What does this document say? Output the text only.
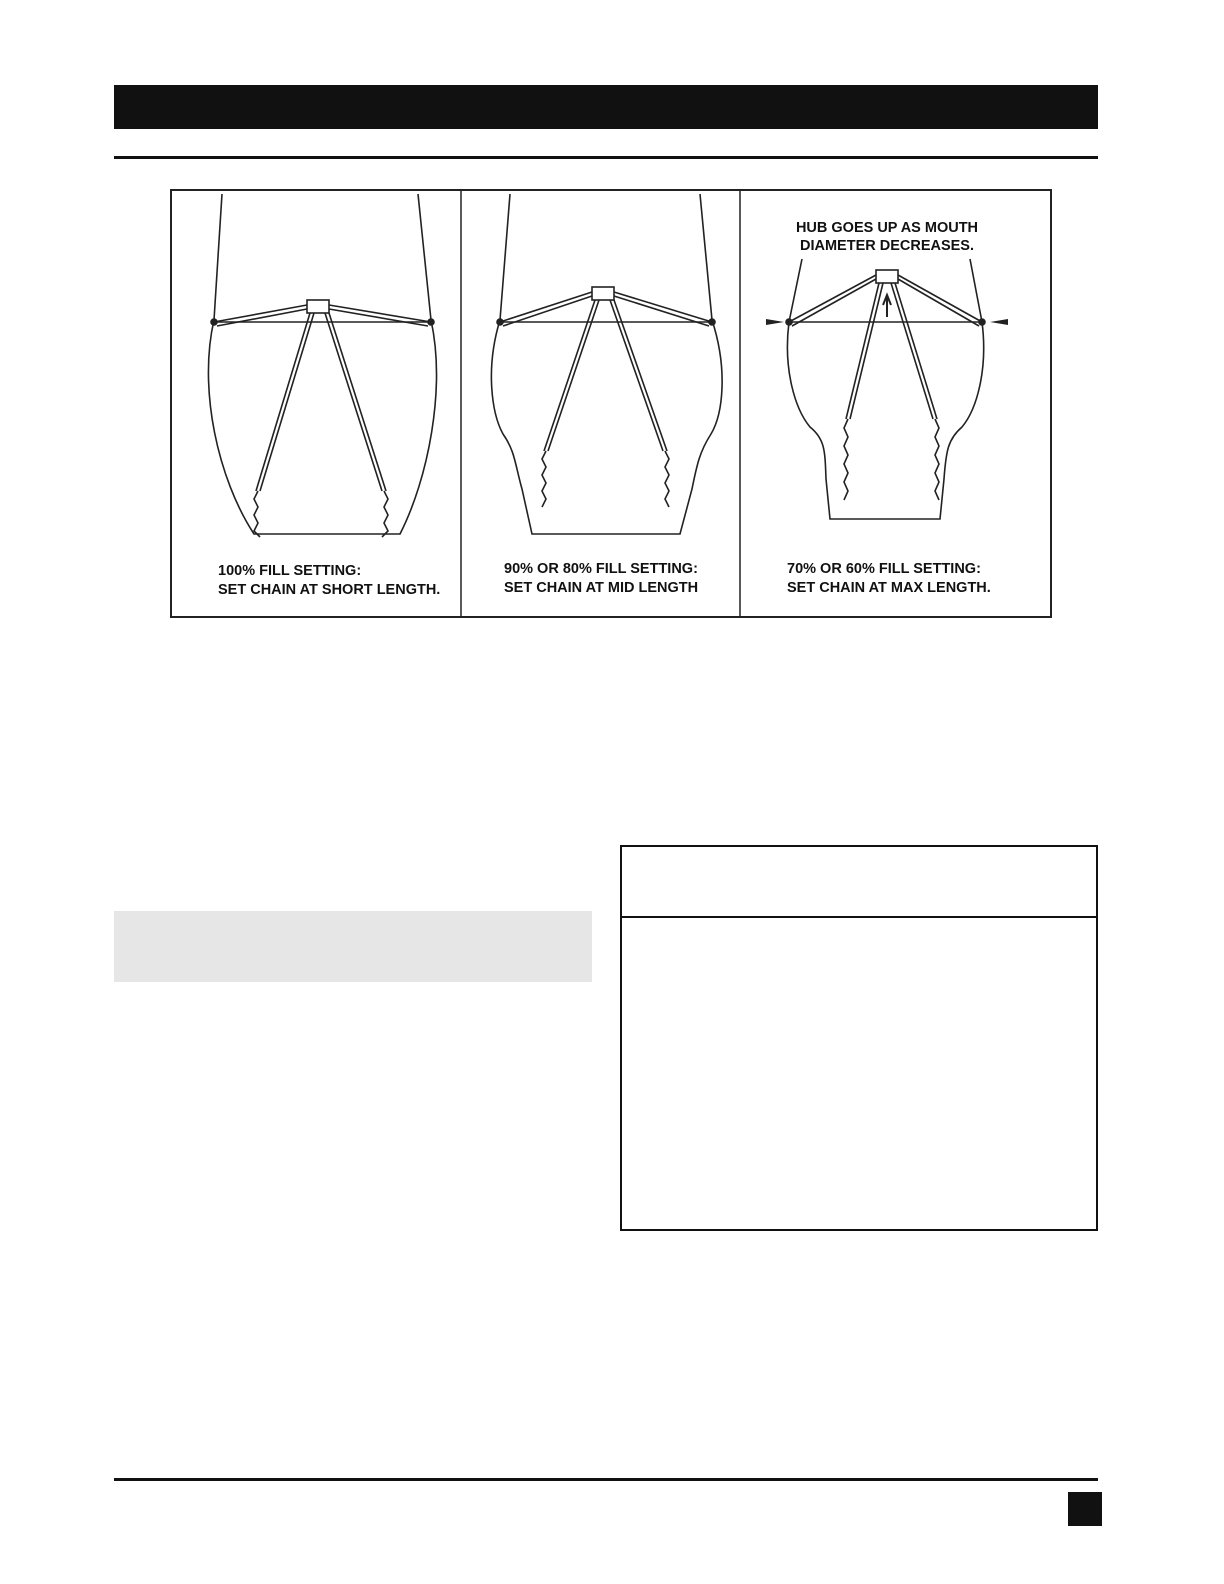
100% FILL SETTING:
SET CHAIN AT SHORT LENGTH.
90% OR 80% FILL SETTING:
SET CHAIN AT MID LENGTH
HUB GOES UP AS MOUTH
DIAMETER DECREASES.
70% OR 60% FILL SETTING:
SET CHAIN AT MAX LENGTH.
